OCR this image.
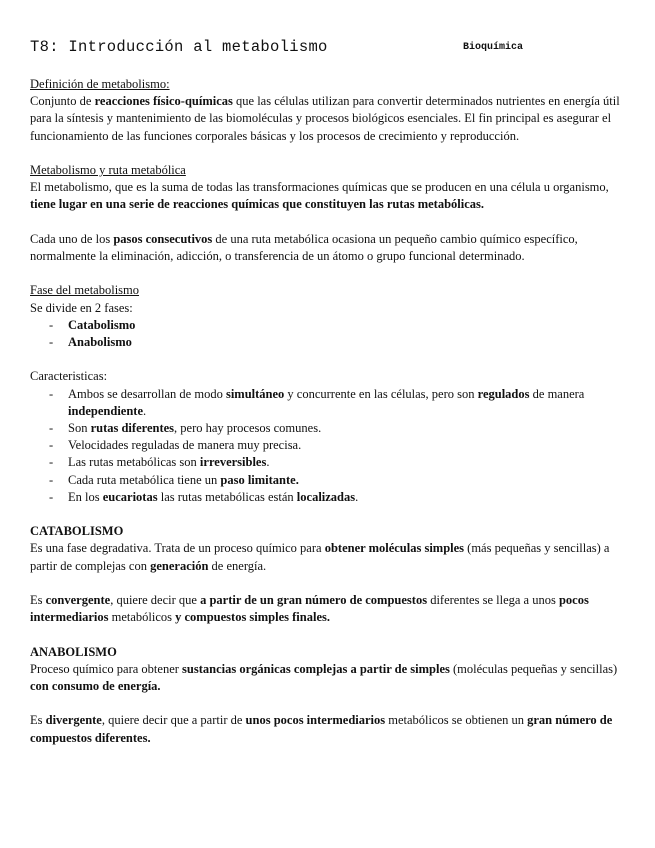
T8: Introducción al metabolismo	Bioquímica

Definición de metabolismo:

Conjunto de reacciones físico-químicas que las células utilizan para convertir determinados nutrientes en energía útil para la síntesis y mantenimiento de las biomoléculas y procesos biológicos esenciales. El fin principal es asegurar el funcionamiento de las funciones corporales básicas y los procesos de crecimiento y reproducción.

Metabolismo y ruta metabólica

El metabolismo, que es la suma de todas las transformaciones químicas que se producen en una célula u organismo, tiene lugar en una serie de reacciones químicas que constituyen las rutas metabólicas.

Cada uno de los pasos consecutivos de una ruta metabólica ocasiona un pequeño cambio químico específico, normalmente la eliminación, adicción, o transferencia de un átomo o grupo funcional determinado.

Fase del metabolismo

Se divide en 2 fases:

- Catabolismo
- Anabolismo

Caracteristicas:

- Ambos se desarrollan de modo simultáneo y concurrente en las células, pero son regulados de manera independiente.
- Son rutas diferentes, pero hay procesos comunes.
- Velocidades reguladas de manera muy precisa.
- Las rutas metabólicas son irreversibles.
- Cada ruta metabólica tiene un paso limitante.
- En los eucariotas las rutas metabólicas están localizadas.

CATABOLISMO

Es una fase degradativa. Trata de un proceso químico para obtener moléculas simples (más pequeñas y sencillas) a partir de complejas con generación de energía.

Es convergente, quiere decir que a partir de un gran número de compuestos diferentes se llega a unos pocos intermediarios metabólicos y compuestos simples finales.

ANABOLISMO

Proceso químico para obtener sustancias orgánicas complejas a partir de simples (moléculas pequeñas y sencillas) con consumo de energía.

Es divergente, quiere decir que a partir de unos pocos intermediarios metabólicos se obtienen un gran número de compuestos diferentes.
